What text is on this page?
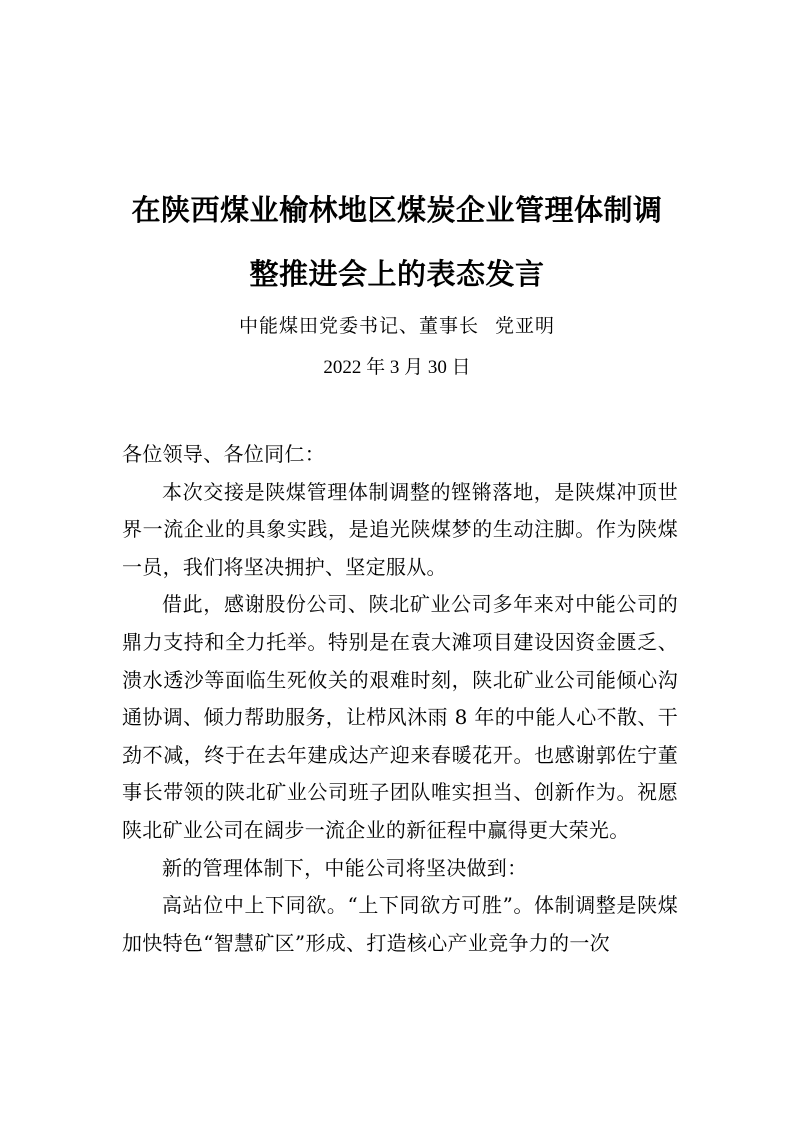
在陕西煤业榆林地区煤炭企业管理体制调
整推进会上的表态发言
中能煤田党委书记、董事长 党亚明
2022 年 3 月 30 日

各位领导、各位同仁：

本次交接是陕煤管理体制调整的铿锵落地，是陕煤冲顶世界一流企业的具象实践，是追光陕煤梦的生动注脚。作为陕煤一员，我们将坚决拥护、坚定服从。

借此，感谢股份公司、陕北矿业公司多年来对中能公司的鼎力支持和全力托举。特别是在袁大滩项目建设因资金匮乏、溃水透沙等面临生死攸关的艰难时刻，陕北矿业公司能倾心沟通协调、倾力帮助服务，让栉风沐雨 8 年的中能人心不散、干劲不减，终于在去年建成达产迎来春暖花开。也感谢郭佐宁董事长带领的陕北矿业公司班子团队唯实担当、创新作为。祝愿陕北矿业公司在阔步一流企业的新征程中赢得更大荣光。

新的管理体制下，中能公司将坚决做到：

高站位中上下同欲。“上下同欲方可胜”。体制调整是陕煤加快特色“智慧矿区”形成、打造核心产业竞争力的一次
